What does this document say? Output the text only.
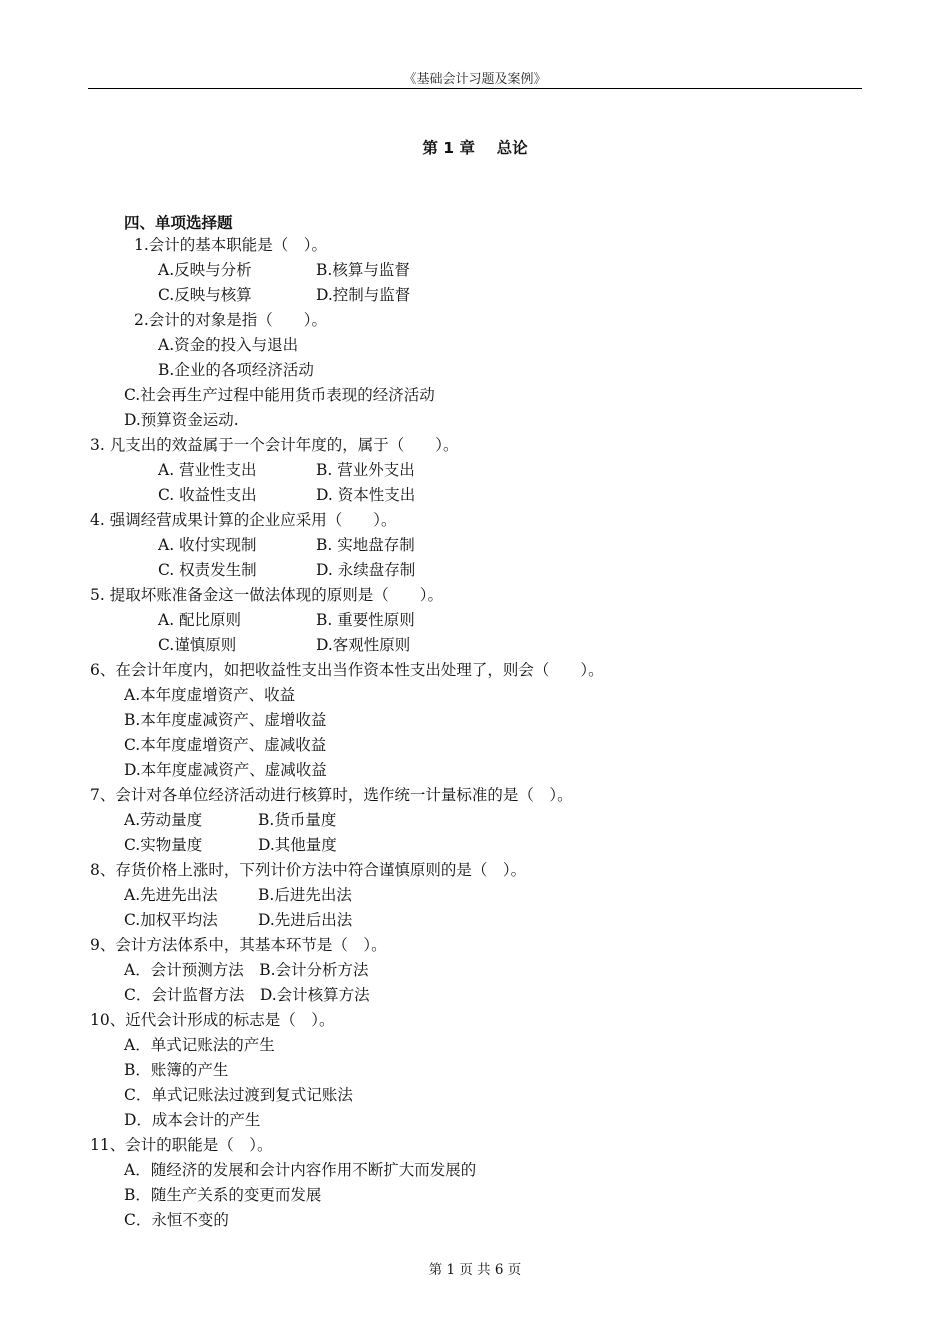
《基础会计习题及案例》
第 1 章 总论
四、单项选择题
1.会计的基本职能是（　）。
A.反映与分析	B.核算与监督
C.反映与核算	D.控制与监督
2.会计的对象是指（　　）。
A.资金的投入与退出
B.企业的各项经济活动
C.社会再生产过程中能用货币表现的经济活动
D.预算资金运动.
3. 凡支出的效益属于一个会计年度的，属于（　　）。
A. 营业性支出	B. 营业外支出
C. 收益性支出	D. 资本性支出
4. 强调经营成果计算的企业应采用（　　）。
A. 收付实现制	B. 实地盘存制
C. 权责发生制	D. 永续盘存制
5. 提取坏账准备金这一做法体现的原则是（　　）。
A. 配比原则	B. 重要性原则
C.谨慎原则	D.客观性原则
6、在会计年度内，如把收益性支出当作资本性支出处理了，则会（　　）。
A.本年度虚增资产、收益
B.本年度虚减资产、虚增收益
C.本年度虚增资产、虚减收益
D.本年度虚减资产、虚减收益
7、会计对各单位经济活动进行核算时，选作统一计量标准的是（　）。
A.劳动量度	B.货币量度
C.实物量度	D.其他量度
8、存货价格上涨时，下列计价方法中符合谨慎原则的是（　）。
A.先进先出法	B.后进先出法
C.加权平均法	D.先进后出法
9、会计方法体系中，其基本环节是（　）。
A．会计预测方法　B.会计分析方法
C．会计监督方法　D.会计核算方法
10、近代会计形成的标志是（　）。
A．单式记账法的产生
B．账簿的产生
C．单式记账法过渡到复式记账法
D．成本会计的产生
11、会计的职能是（　）。
A．随经济的发展和会计内容作用不断扩大而发展的
B．随生产关系的变更而发展
C．永恒不变的
第 1 页 共 6 页
